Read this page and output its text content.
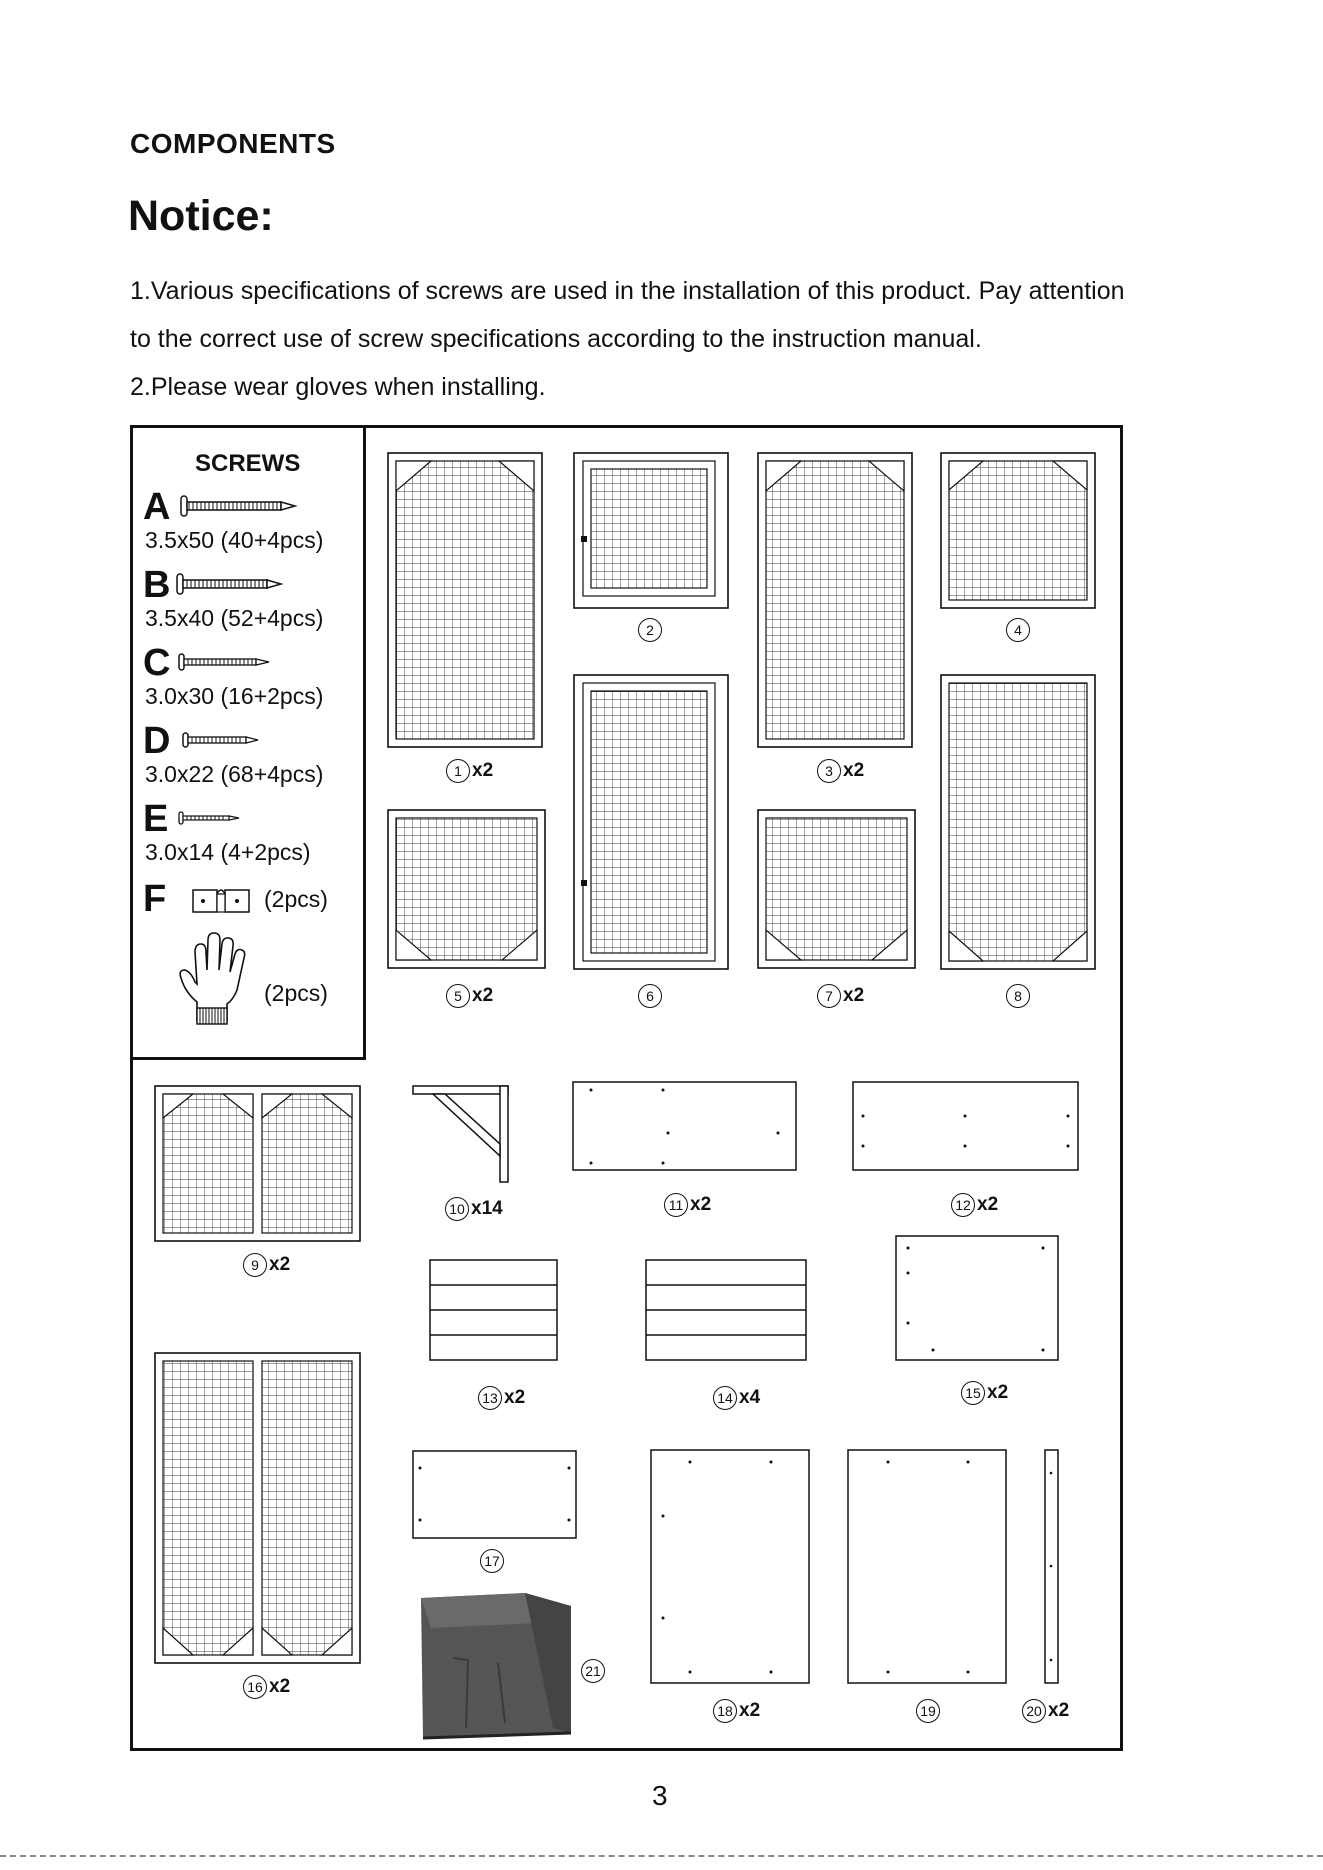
COMPONENTS
Notice:
1.Various specifications of screws are used in the installation of this product. Pay attention
to the correct use of screw specifications according to the instruction manual.
2.Please wear gloves when installing.
SCREWS
A
3.5x50 (40+4pcs)
B
3.5x40 (52+4pcs)
C
3.0x30 (16+2pcs)
D
3.0x22 (68+4pcs)
E
3.0x14 (4+2pcs)
F	(2pcs)
(2pcs)
1 x2
2
3 x2
4
5 x2	6	7 x2	8
9 x2
10 x14	11 x2	12 x2
13 x2	14 x4	15 x2
16 x2
17
18 x2	19	20 x2
21
3
